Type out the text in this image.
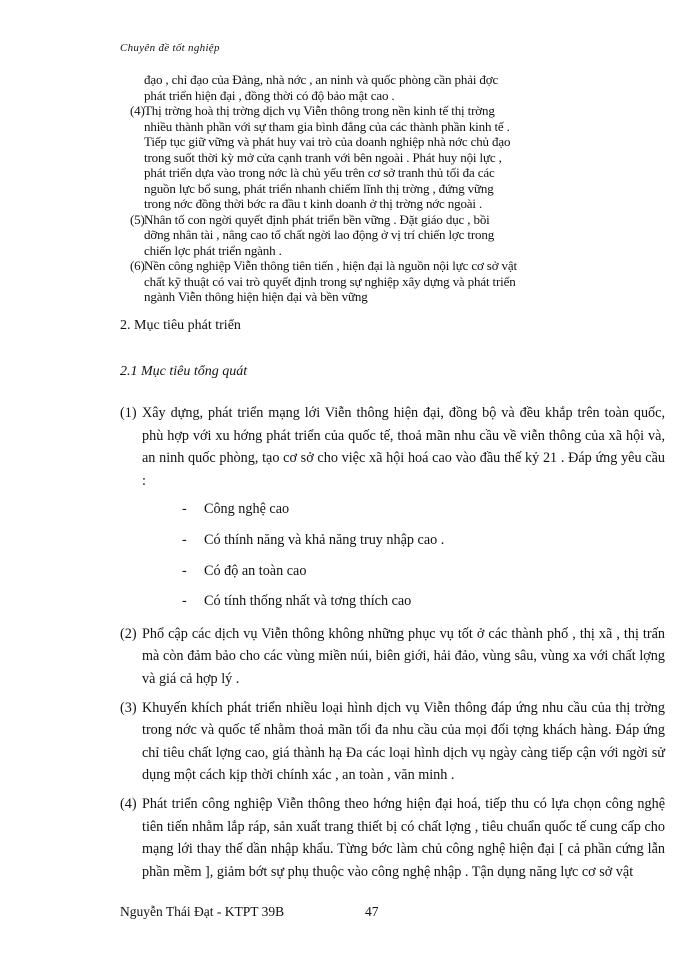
Chuyên đề tốt nghiệp
đạo , chỉ đạo của Đảng, nhà nớc , an ninh và quốc phòng cần phải đợc
phát triển hiện đại , đồng thời có độ bảo mật cao .
(4) Thị trờng hoà thị trờng dịch vụ Viễn thông trong nền kinh tế thị trờng
nhiều thành phần với sự tham gia bình đẳng của các thành phần kinh tế .
Tiếp tục giữ vững và phát huy vai trò của doanh nghiệp nhà nớc chủ đạo
trong suốt thời kỳ mở cửa cạnh tranh với bên ngoài . Phát huy nội lực ,
phát triển dựa vào trong nớc là chủ yếu trên cơ sở tranh thủ tối đa các
nguồn lực bổ sung, phát triển nhanh chiếm lĩnh thị trờng , đứng vững
trong nớc đồng thời bớc ra đầu t kinh doanh ở thị trờng nớc ngoài .
(5) Nhân tố con ngời quyết định phát triển bền vững . Đặt giáo dục , bồi
dỡng nhân tài , nâng cao tố chất ngời lao động ở vị trí chiến lợc trong
chiến lợc phát triển ngành .
(6) Nền công nghiệp Viễn thông tiên tiến , hiện đại là nguồn nội lực cơ sở vật
chất kỹ thuật có vai trò quyết định trong sự nghiệp xây dựng và phát triển
ngành Viễn thông hiện hiện đại và bền vững
2. Mục tiêu phát triển
2.1 Mục tiêu tổng quát
(1) Xây dựng, phát triển mạng lới Viễn thông hiện đại, đồng bộ và đều khắp trên toàn quốc, phù hợp với xu hớng phát triển của quốc tế, thoả mãn nhu cầu về viễn thông của xã hội và, an ninh quốc phòng, tạo cơ sở cho việc xã hội hoá cao vào đầu thế kỷ 21 . Đáp ứng yêu cầu :
-	Công nghệ cao
-	Có thính năng và khả năng truy nhập cao .
-	Có độ an toàn cao
-	Có tính thống nhất và tơng thích cao
(2) Phổ cập các dịch vụ Viễn thông không những phục vụ tốt ở các thành phố , thị xã , thị trấn mà còn đảm bảo cho các vùng miền núi, biên giới, hải đảo, vùng sâu, vùng xa với chất lợng và giá cả hợp lý .
(3) Khuyến khích phát triển nhiều loại hình dịch vụ Viễn thông đáp ứng nhu cầu của thị trờng trong nớc và quốc tế nhằm thoả mãn tối đa nhu cầu của mọi đối tợng khách hàng. Đáp ứng chỉ tiêu chất lợng cao, giá thành hạ Đa các loại hình dịch vụ ngày càng tiếp cận với ngời sử dụng một cách kịp thời chính xác , an toàn , văn minh .
(4) Phát triển công nghiệp Viễn thông theo hớng hiện đại hoá, tiếp thu có lựa chọn công nghệ tiên tiến nhằm lắp ráp, sản xuất trang thiết bị có chất lợng , tiêu chuẩn quốc tế cung cấp cho mạng lới thay thế dần nhập khẩu. Từng bớc làm chủ công nghệ hiện đại [ cả phần cứng lẫn phần mềm ], giảm bớt sự phụ thuộc vào công nghệ nhập . Tận dụng năng lực cơ sở vật
Nguyễn Thái Đạt - KTPT 39B	47
